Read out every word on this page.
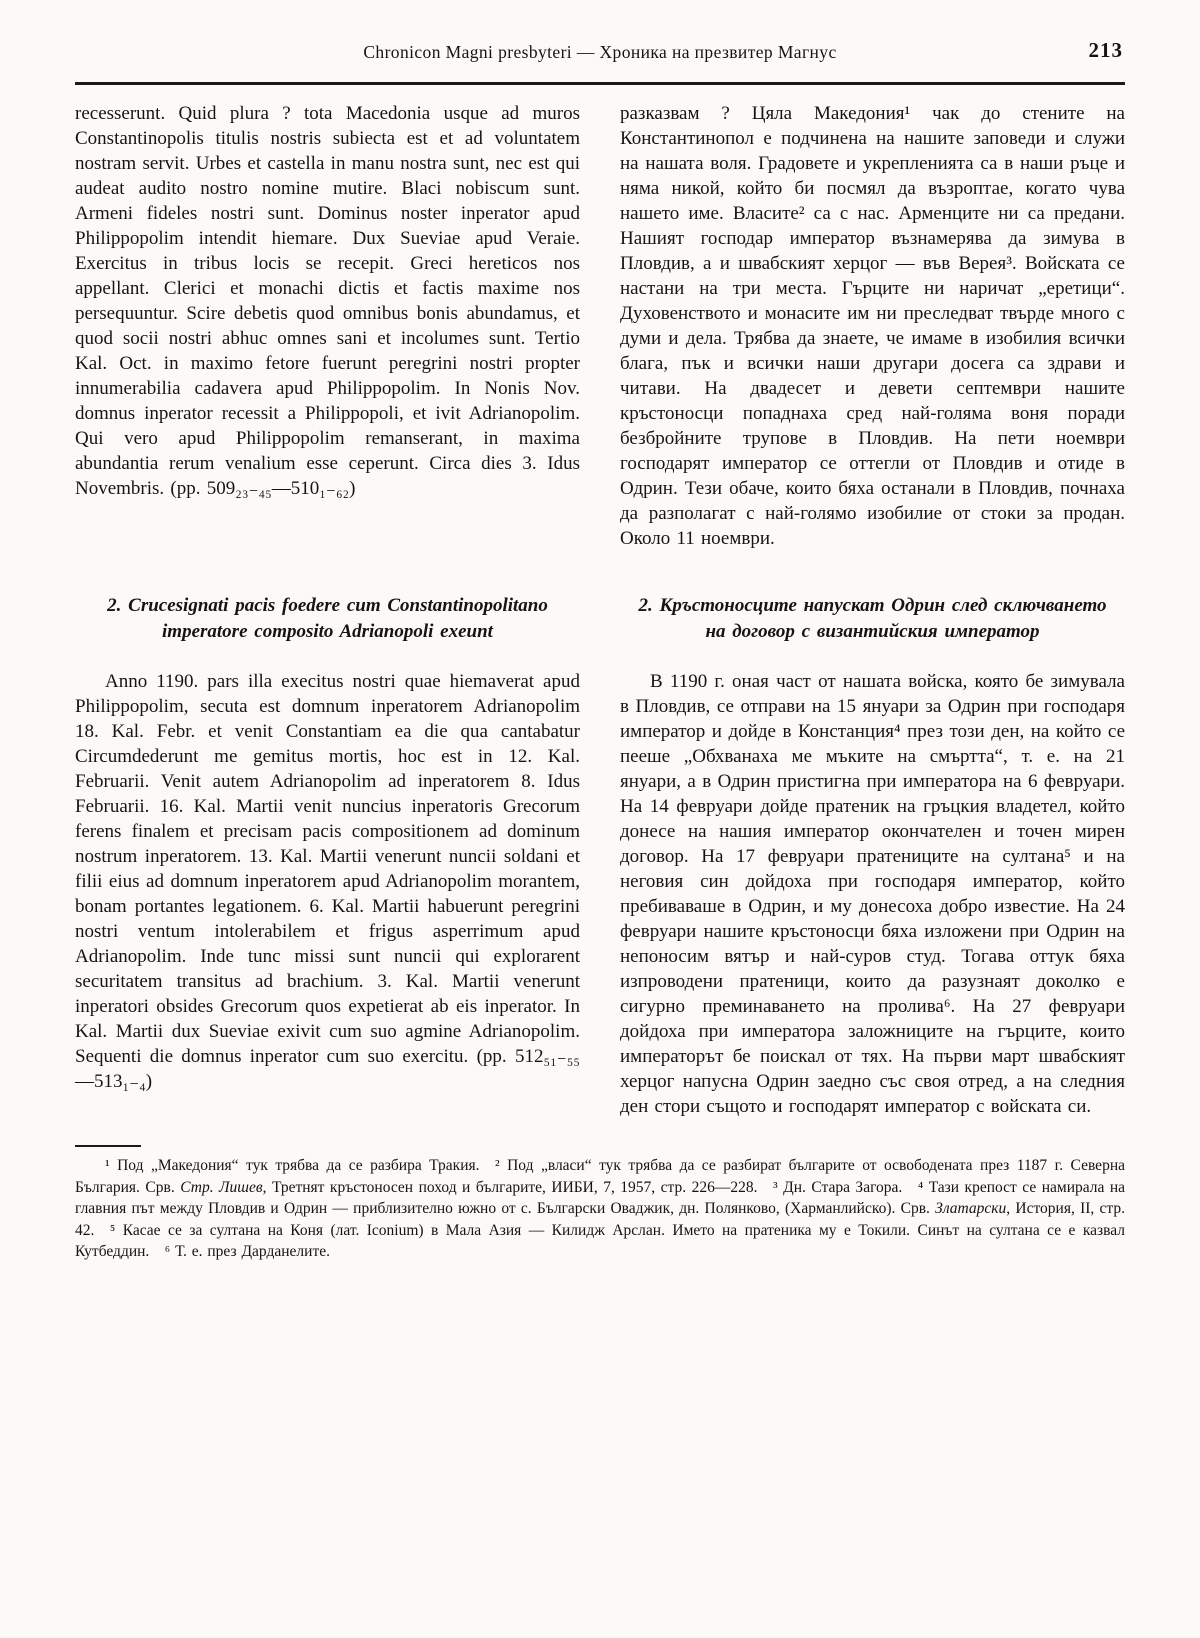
Chronicon Magni presbyteri — Хроника на презвитер Магнус	213

recesserunt. Quid plura ? tota Macedonia usque ad muros Constantinopolis titulis nostris subiecta est et ad voluntatem nostram servit. Urbes et castella in manu nostra sunt, nec est qui audeat audito nostro nomine mutire. Blaci nobiscum sunt. Armeni fideles nostri sunt. Dominus noster inperator apud Philippopolim intendit hiemare. Dux Sueviae apud Veraie. Exercitus in tribus locis se recepit. Greci hereticos nos appellant. Clerici et monachi dictis et factis maxime nos persequuntur. Scire debetis quod omnibus bonis abundamus, et quod socii nostri abhuc omnes sani et incolumes sunt. Tertio Kal. Oct. in maximo fetore fuerunt peregrini nostri propter innumerabilia cadavera apud Philippopolim. In Nonis Nov. domnus inperator recessit a Philippopoli, et ivit Adrianopolim. Qui vero apud Philippopolim remanserant, in maxima abundantia rerum venalium esse ceperunt. Circa dies 3. Idus Novembris. (pp. 509₂₃₋₄₅—510₁₋₆₂)

разказвам ? Цяла Македония¹ чак до стените на Константинопол е подчинена на нашите заповеди и служи на нашата воля. Градовете и укрепленията са в наши ръце и няма никой, който би посмял да възроптае, когато чува нашето име. Власите² са с нас. Арменците ни са предани. Нашият господар император възнамерява да зимува в Пловдив, а и швабският херцог — във Верея³. Войската се настани на три места. Гърците ни наричат „еретици“. Духовенството и монасите им ни преследват твърде много с думи и дела. Трябва да знаете, че имаме в изобилия всички блага, пък и всички наши другари досега са здрави и читави. На двадесет и девети септември нашите кръстоносци попаднаха сред най-голяма воня поради безбройните трупове в Пловдив. На пети ноември господарят император се оттегли от Пловдив и отиде в Одрин. Тези обаче, които бяха останали в Пловдив, почнаха да разполагат с най-голямо изобилие от стоки за продан. Около 11 ноември.

2. Crucesignati pacis foedere cum Constantinopolitano imperatore composito Adrianopoli exeunt
2. Кръстоносците напускат Одрин след сключването на договор с византийския император

Anno 1190. pars illa execitus nostri quae hiemaverat apud Philippopolim, secuta est domnum inperatorem Adrianopolim 18. Kal. Febr. et venit Constantiam ea die qua cantabatur Circumdederunt me gemitus mortis, hoc est in 12. Kal. Februarii. Venit autem Adrianopolim ad inperatorem 8. Idus Februarii. 16. Kal. Martii venit nuncius inperatoris Grecorum ferens finalem et precisam pacis compositionem ad dominum nostrum inperatorem. 13. Kal. Martii venerunt nuncii soldani et filii eius ad domnum inperatorem apud Adrianopolim morantem, bonam portantes legationem. 6. Kal. Martii habuerunt peregrini nostri ventum intolerabilem et frigus asperrimum apud Adrianopolim. Inde tunc missi sunt nuncii qui explorarent securitatem transitus ad brachium. 3. Kal. Martii venerunt inperatori obsides Grecorum quos expetierat ab eis inperator. In Kal. Martii dux Sueviae exivit cum suo agmine Adrianopolim. Sequenti die domnus inperator cum suo exercitu. (pp. 512₅₁₋₅₅—513₁₋₄)

В 1190 г. оная част от нашата войска, която бе зимувала в Пловдив, се отправи на 15 януари за Одрин при господаря император и дойде в Констанция⁴ през този ден, на който се пееше „Обхванаха ме мъките на смъртта“, т. е. на 21 януари, а в Одрин пристигна при императора на 6 февруари. На 14 февруари дойде пратеник на гръцкия владетел, който донесе на нашия император окончателен и точен мирен договор. На 17 февруари пратениците на султана⁵ и на неговия син дойдоха при господаря император, който пребиваваше в Одрин, и му донесоха добро известие. На 24 февруари нашите кръстоносци бяха изложени при Одрин на непоносим вятър и най-суров студ. Тогава оттук бяха изпроводени пратеници, които да разузнаят доколко е сигурно преминаването на пролива⁶. На 27 февруари дойдоха при императора заложниците на гърците, които императорът бе поискал от тях. На първи март швабският херцог напусна Одрин заедно със своя отред, а на следния ден стори същото и господарят император с войската си.

¹ Под „Македония“ тук трябва да се разбира Тракия. ² Под „власи“ тук трябва да се разбират българите от освободената през 1187 г. Северна България. Срв. Стр. Лишев, Третнят кръстоносен поход и българите, ИИБИ, 7, 1957, стр. 226—228. ³ Дн. Стара Загора. ⁴ Тази крепост се намирала на главния път между Пловдив и Одрин — приблизително южно от с. Български Оваджик, дн. Полянково, (Харманлийско). Срв. Златарски, История, II, стр. 42. ⁵ Касае се за султана на Коня (лат. Iconium) в Мала Азия — Килидж Арслан. Името на пратеника му е Токили. Синът на султана се е казвал Кутбеддин. ⁶ Т. е. през Дарданелите.
